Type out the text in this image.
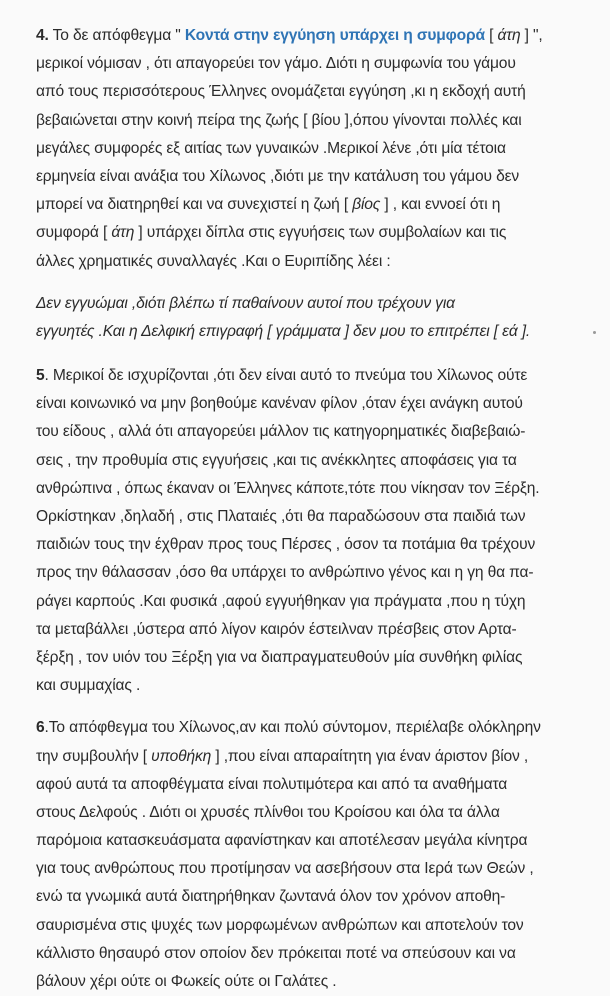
4. Το δε απόφθεγμα " Κοντά στην εγγύηση υπάρχει η συμφορά [ άτη ] ",
μερικοί νόμισαν , ότι απαγορεύει τον γάμο. Διότι η συμφωνία του γάμου
από τους περισσότερους Έλληνες ονομάζεται εγγύηση ,κι η εκδοχή αυτή
βεβαιώνεται στην κοινή πείρα της ζωής [ βίου ],όπου γίνονται πολλές και
μεγάλες συμφορές εξ αιτίας των γυναικών .Μερικοί λένε ,ότι μία τέτοια
ερμηνεία είναι ανάξια του Χίλωνος ,διότι με την κατάλυση του γάμου δεν
μπορεί να διατηρηθεί και να συνεχιστεί η ζωή [ βίος ] , και εννοεί ότι η
συμφορά [ άτη ] υπάρχει δίπλα στις εγγυήσεις των συμβολαίων και τις
άλλες χρηματικές συναλλαγές .Και ο Ευριπίδης λέει :
Δεν εγγυώμαι ,διότι βλέπω τί παθαίνουν αυτοί που τρέχουν για
εγγυητές .Και η Δελφική επιγραφή [ γράμματα ] δεν μου το επιτρέπει [ εά ].
5. Μερικοί δε ισχυρίζονται ,ότι δεν είναι αυτό το πνεύμα του Χίλωνος ούτε
είναι κοινωνικό να μην βοηθούμε κανέναν φίλον ,όταν έχει ανάγκη αυτού
του είδους , αλλά ότι απαγορεύει μάλλον τις κατηγορηματικές διαβεβαιώ-
σεις , την προθυμία στις εγγυήσεις ,και τις ανέκκλητες αποφάσεις για τα
ανθρώπινα , όπως έκαναν οι Έλληνες κάποτε,τότε που νίκησαν τον Ξέρξη.
Ορκίστηκαν ,δηλαδή , στις Πλαταιές ,ότι θα παραδώσουν στα παιδιά των
παιδιών τους την έχθραν προς τους Πέρσες , όσον τα ποτάμια θα τρέχουν
προς την θάλασσαν ,όσο θα υπάρχει το ανθρώπινο γένος και η γη θα πα-
ράγει καρπούς .Και φυσικά ,αφού εγγυήθηκαν για πράγματα ,που η τύχη
τα μεταβάλλει ,ύστερα από λίγον καιρόν έστειλναν πρέσβεις στον Αρτα-
ξέρξη , τον υιόν του Ξέρξη για να διαπραγματευθούν μία συνθήκη φιλίας
και συμμαχίας .
6.Το απόφθεγμα του Χίλωνος,αν και πολύ σύντομον, περιέλαβε ολόκληρην
την συμβουλήν [ υποθήκη ] ,που είναι απαραίτητη για έναν άριστον βίον ,
αφού αυτά τα αποφθέγματα είναι πολυτιμότερα και από τα αναθήματα
στους Δελφούς . Διότι οι χρυσές πλίνθοι του Κροίσου και όλα τα άλλα
παρόμοια κατασκευάσματα αφανίστηκαν και αποτέλεσαν μεγάλα κίνητρα
για τους ανθρώπους που προτίμησαν να ασεβήσουν στα Ιερά των Θεών ,
ενώ τα γνωμικά αυτά διατηρήθηκαν ζωντανά όλον τον χρόνον αποθη-
σαυρισμένα στις ψυχές των μορφωμένων ανθρώπων και αποτελούν τον
κάλλιστο θησαυρό στον οποίον δεν πρόκειται ποτέ να σπεύσουν και να
βάλουν χέρι ούτε οι Φωκείς ούτε οι Γαλάτες .
